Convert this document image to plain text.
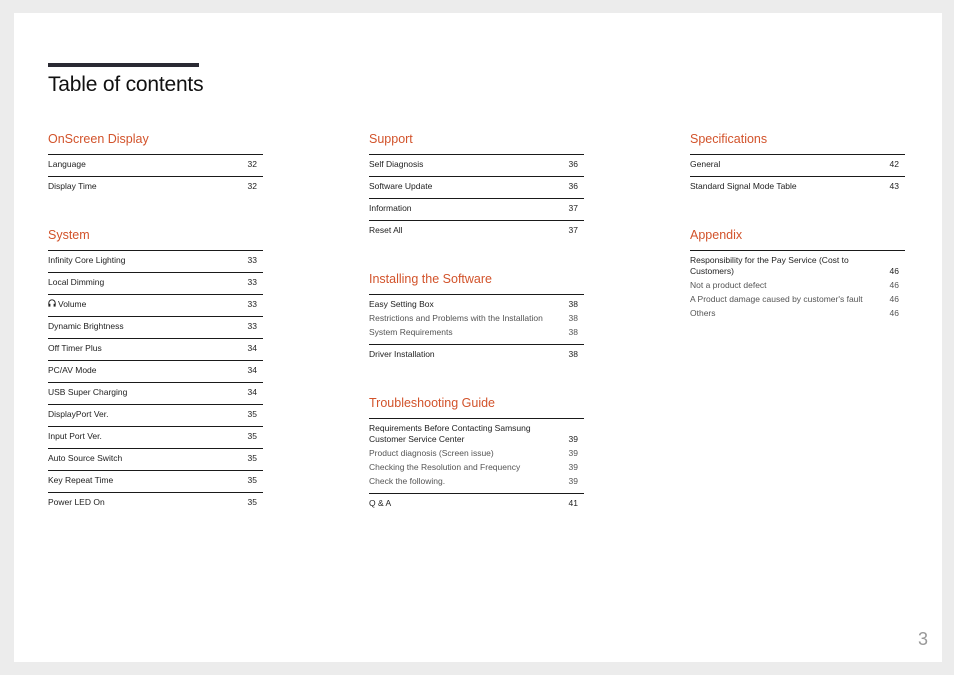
Table of contents
OnScreen Display
Language	32
Display Time	32
System
Infinity Core Lighting	33
Local Dimming	33
Volume	33
Dynamic Brightness	33
Off Timer Plus	34
PC/AV Mode	34
USB Super Charging	34
DisplayPort Ver.	35
Input Port Ver.	35
Auto Source Switch	35
Key Repeat Time	35
Power LED On	35
Support
Self Diagnosis	36
Software Update	36
Information	37
Reset All	37
Installing the Software
Easy Setting Box	38
Restrictions and Problems with the Installation	38
System Requirements	38
Driver Installation	38
Troubleshooting Guide
Requirements Before Contacting Samsung Customer Service Center	39
Product diagnosis (Screen issue)	39
Checking the Resolution and Frequency	39
Check the following.	39
Q & A	41
Specifications
General	42
Standard Signal Mode Table	43
Appendix
Responsibility for the Pay Service (Cost to Customers)	46
Not a product defect	46
A Product damage caused by customer's fault	46
Others	46
3
